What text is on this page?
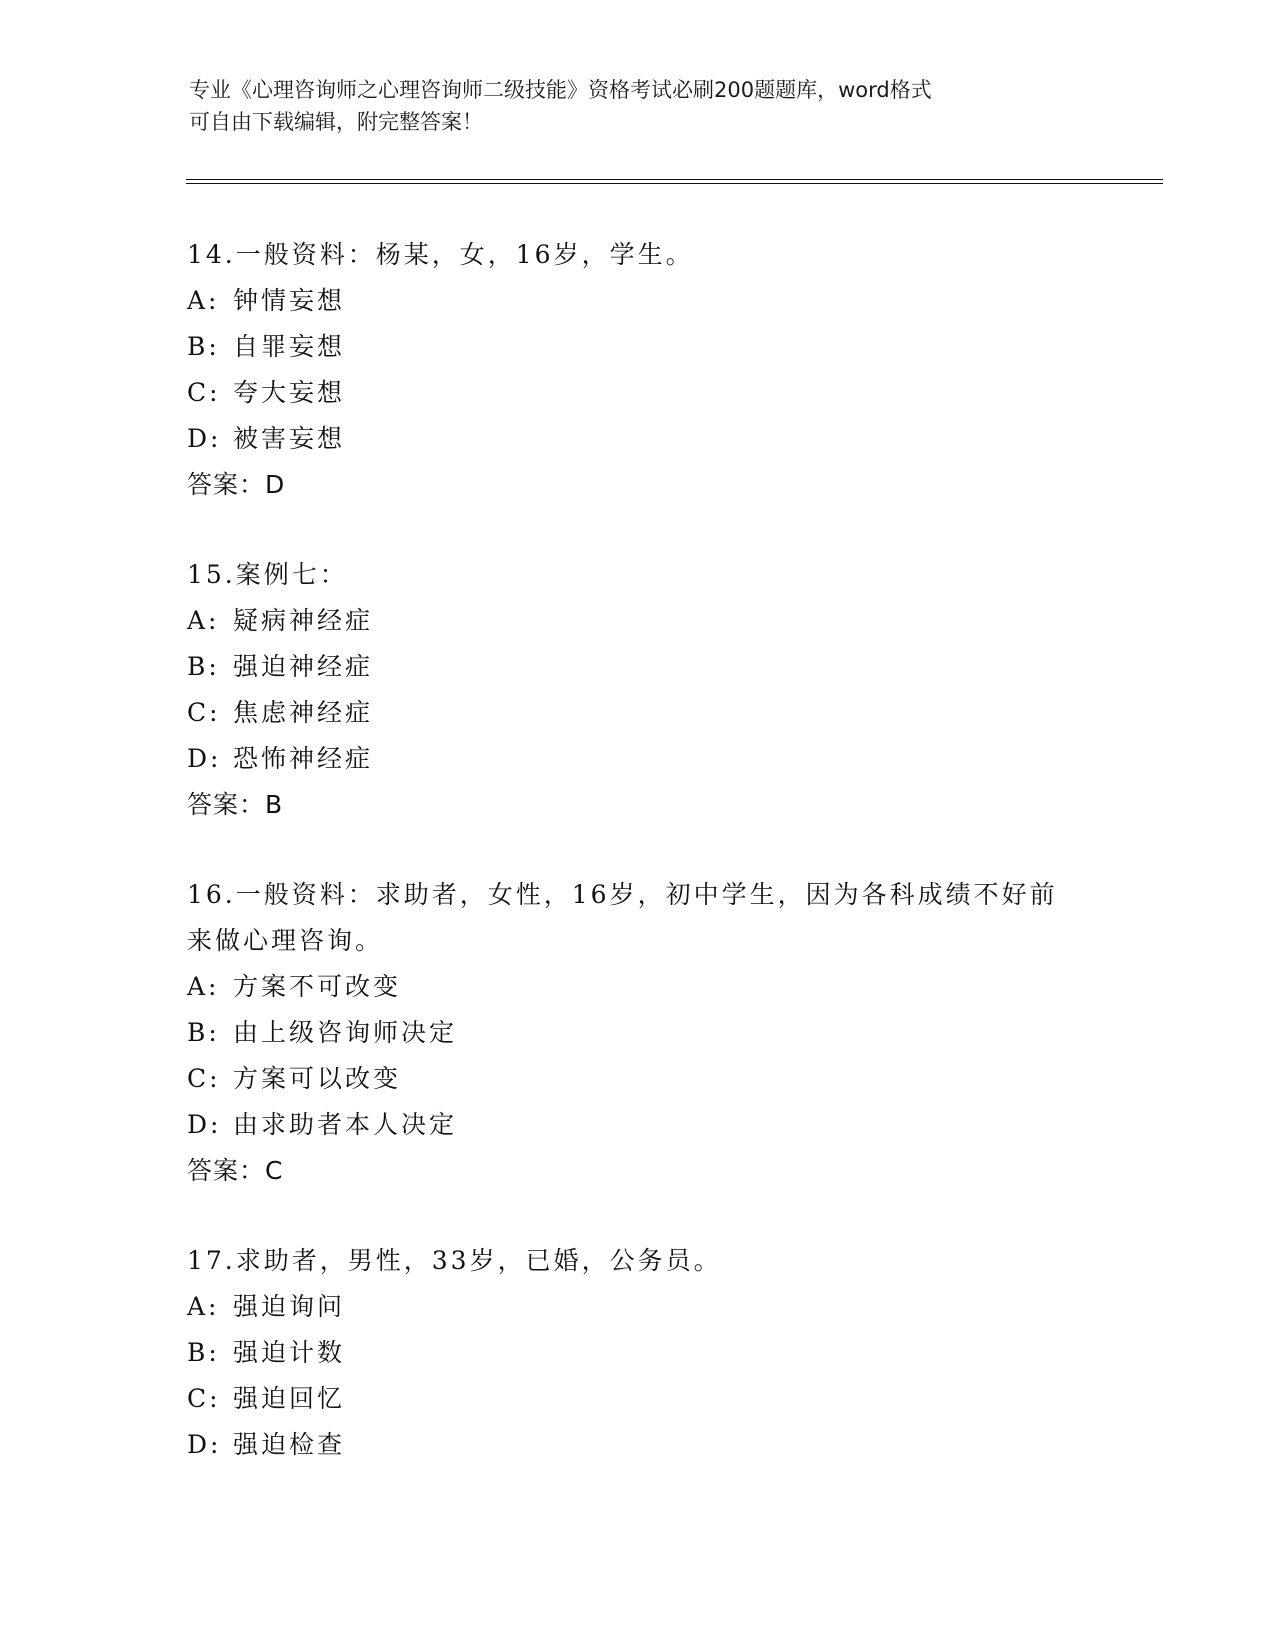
专业《心理咨询师之心理咨询师二级技能》资格考试必刷200题题库，word格式
可自由下载编辑，附完整答案！
14.一般资料：杨某，女，16岁，学生。
A: 钟情妄想
B: 自罪妄想
C: 夸大妄想
D: 被害妄想
答案：D
15.案例七：
A: 疑病神经症
B: 强迫神经症
C: 焦虑神经症
D: 恐怖神经症
答案：B
16.一般资料：求助者，女性，16岁，初中学生，因为各科成绩不好前
来做心理咨询。
A: 方案不可改变
B: 由上级咨询师决定
C: 方案可以改变
D: 由求助者本人决定
答案：C
17.求助者，男性，33岁，已婚，公务员。
A: 强迫询问
B: 强迫计数
C: 强迫回忆
D: 强迫检查
